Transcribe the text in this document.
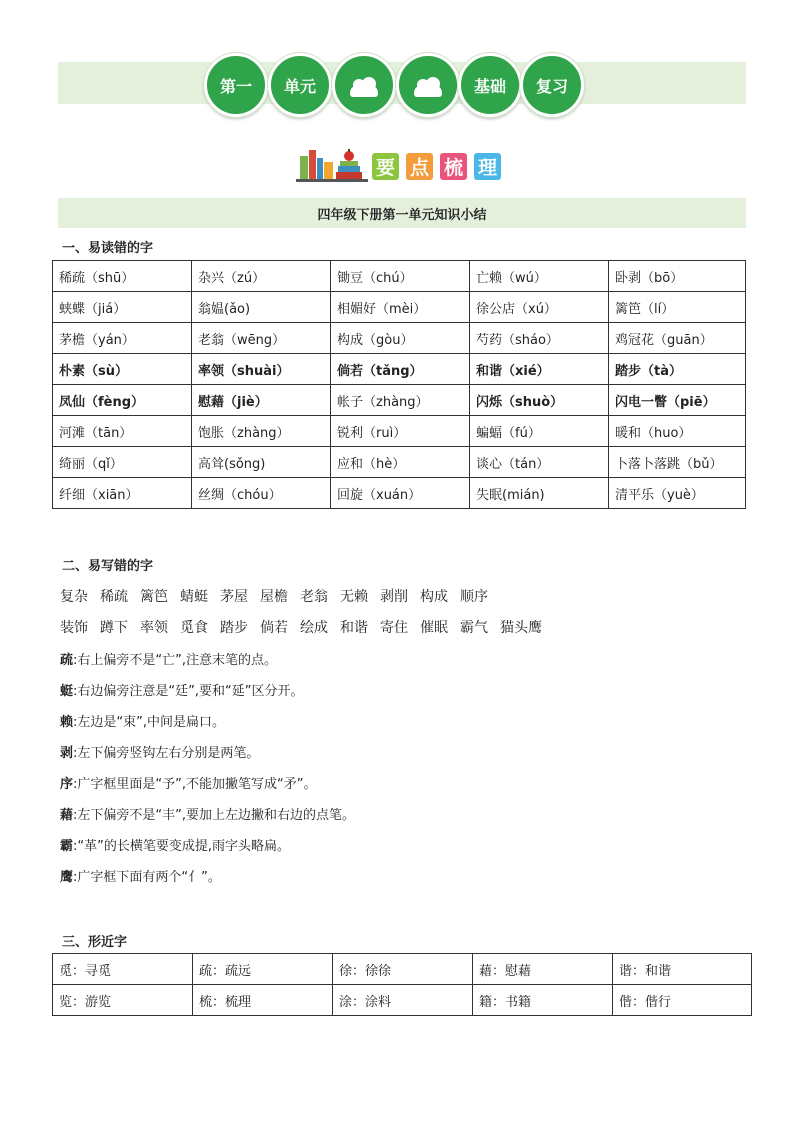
第一 单元	基础 复习
要 点 梳 理
四年级下册第一单元知识小结
一、易读错的字
稀疏（shū）	杂兴（zú）	锄豆（chú）	亡赖（wú）	卧剥（bō）
蛱蝶（jiá）	翁媪(ǎo)	相媚好（mèi）	徐公店（xú）	篱笆（lí）
茅檐（yán）	老翁（wēng）	构成（gòu）	芍药（sháo）	鸡冠花（guān）
朴素（sù）	率领（shuài）	倘若（tǎng）	和谐（xié）	踏步（tà）
凤仙（fèng）	慰藉（jiè）	帐子（zhàng）	闪烁（shuò）	闪电一瞥（piē）
河滩（tān）	饱胀（zhàng）	锐利（ruì）	蝙蝠（fú）	暖和（huo）
绮丽（qǐ）	高耸(sǒng)	应和（hè）	谈心（tán）	卜落卜落跳（bǔ）
纤细（xiān）	丝绸（chóu）	回旋（xuán）	失眠(mián)	清平乐（yuè）
二、易写错的字
复杂 稀疏 篱笆 蜻蜓 茅屋 屋檐 老翁 无赖 剥削 构成 顺序
装饰 蹲下 率领 觅食 踏步 倘若 绘成 和谐 寄住 催眠 霸气 猫头鹰
疏:右上偏旁不是“亡”,注意末笔的点。
蜓:右边偏旁注意是“廷”,要和“延”区分开。
赖:左边是“束”,中间是扁口。
剥:左下偏旁竖钩左右分别是两笔。
序:广字框里面是“予”,不能加撇笔写成“矛”。
藉:左下偏旁不是“丰”,要加上左边撇和右边的点笔。
霸:“革”的长横笔要变成提,雨字头略扁。
鹰:广字框下面有两个“亻”。
三、形近字
觅：寻觅	疏：疏远	徐：徐徐	藉：慰藉	谐：和谐
览：游览	梳：梳理	涂：涂料	籍：书籍	偕：偕行
